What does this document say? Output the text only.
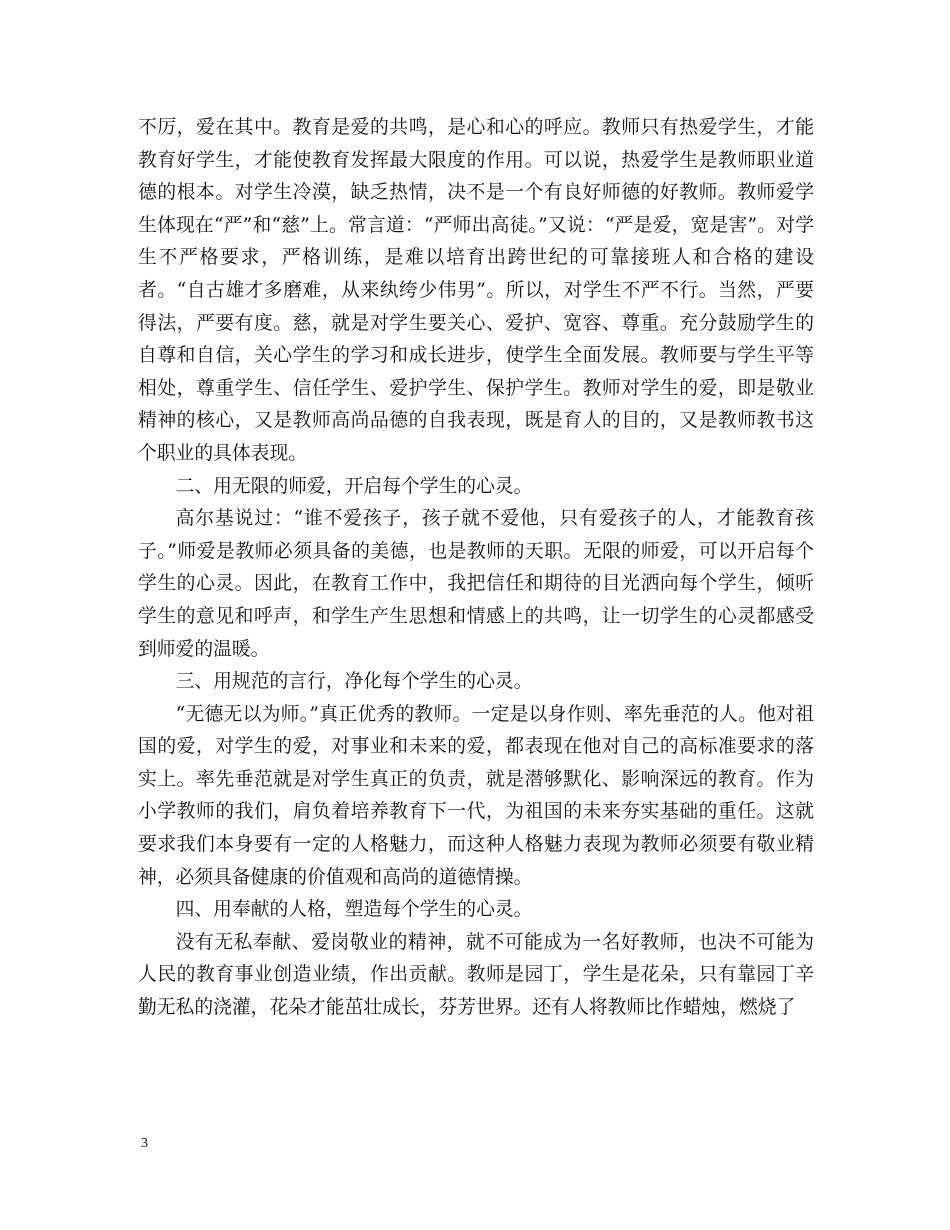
不厉，爱在其中。教育是爱的共鸣，是心和心的呼应。教师只有热爱学生，才能教育好学生，才能使教育发挥最大限度的作用。可以说，热爱学生是教师职业道德的根本。对学生冷漠，缺乏热情，决不是一个有良好师德的好教师。教师爱学生体现在“严”和“慈”上。常言道：“严师出高徒。”又说：“严是爱，宽是害”。对学生不严格要求，严格训练，是难以培育出跨世纪的可靠接班人和合格的建设者。“自古雄才多磨难，从来纨绔少伟男”。所以，对学生不严不行。当然，严要得法，严要有度。慈，就是对学生要关心、爱护、宽容、尊重。充分鼓励学生的自尊和自信，关心学生的学习和成长进步，使学生全面发展。教师要与学生平等相处，尊重学生、信任学生、爱护学生、保护学生。教师对学生的爱，即是敬业精神的核心，又是教师高尚品德的自我表现，既是育人的目的，又是教师教书这个职业的具体表现。

二、用无限的师爱，开启每个学生的心灵。

高尔基说过：“谁不爱孩子，孩子就不爱他，只有爱孩子的人，才能教育孩子。”师爱是教师必须具备的美德，也是教师的天职。无限的师爱，可以开启每个学生的心灵。因此，在教育工作中，我把信任和期待的目光洒向每个学生，倾听学生的意见和呼声，和学生产生思想和情感上的共鸣，让一切学生的心灵都感受到师爱的温暖。

三、用规范的言行，净化每个学生的心灵。

“无德无以为师。”真正优秀的教师。一定是以身作则、率先垂范的人。他对祖国的爱，对学生的爱，对事业和未来的爱，都表现在他对自己的高标准要求的落实上。率先垂范就是对学生真正的负责，就是潜够默化、影响深远的教育。作为小学教师的我们，肩负着培养教育下一代，为祖国的未来夯实基础的重任。这就要求我们本身要有一定的人格魅力，而这种人格魅力表现为教师必须要有敬业精神，必须具备健康的价值观和高尚的道德情操。

四、用奉献的人格，塑造每个学生的心灵。

没有无私奉献、爱岗敬业的精神，就不可能成为一名好教师，也决不可能为人民的教育事业创造业绩，作出贡献。教师是园丁，学生是花朵，只有靠园丁辛勤无私的浇灌，花朵才能茁壮成长，芬芳世界。还有人将教师比作蜡烛，燃烧了

3
